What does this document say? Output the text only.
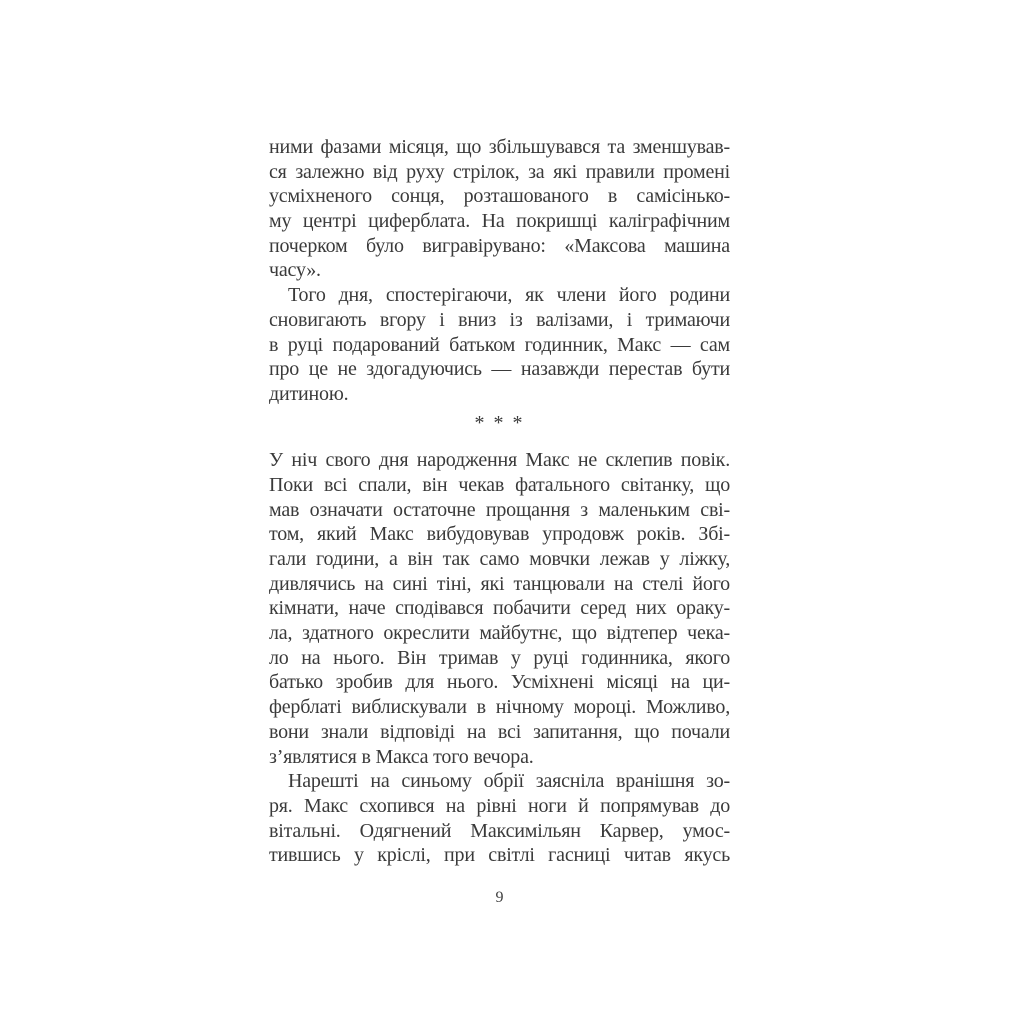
ними фазами місяця, що збільшувався та зменшував-
ся залежно від руху стрілок, за які правили промені
усміхненого сонця, розташованого в самісінько-
му центрі циферблата. На покришці каліграфічним
почерком було вигравірувано: «Максова машина
часу».
Того дня, спостерігаючи, як члени його родини
сновигають вгору і вниз із валізами, і тримаючи
в руці подарований батьком годинник, Макс — сам
про це не здогадуючись — назавжди перестав бути
дитиною.
* * *
У ніч свого дня народження Макс не склепив повік.
Поки всі спали, він чекав фатального світанку, що
мав означати остаточне прощання з маленьким сві-
том, який Макс вибудовував упродовж років. Збі-
гали години, а він так само мовчки лежав у ліжку,
дивлячись на сині тіні, які танцювали на стелі його
кімнати, наче сподівався побачити серед них ораку-
ла, здатного окреслити майбутнє, що відтепер чека-
ло на нього. Він тримав у руці годинника, якого
батько зробив для нього. Усміхнені місяці на ци-
ферблаті виблискували в нічному мороці. Можливо,
вони знали відповіді на всі запитання, що почали
з’являтися в Макса того вечора.
Нарешті на синьому обрії заясніла вранішня зо-
ря. Макс схопився на рівні ноги й попрямував до
вітальні. Одягнений Максимільян Карвер, умос-
тившись у кріслі, при світлі гасниці читав якусь
9
